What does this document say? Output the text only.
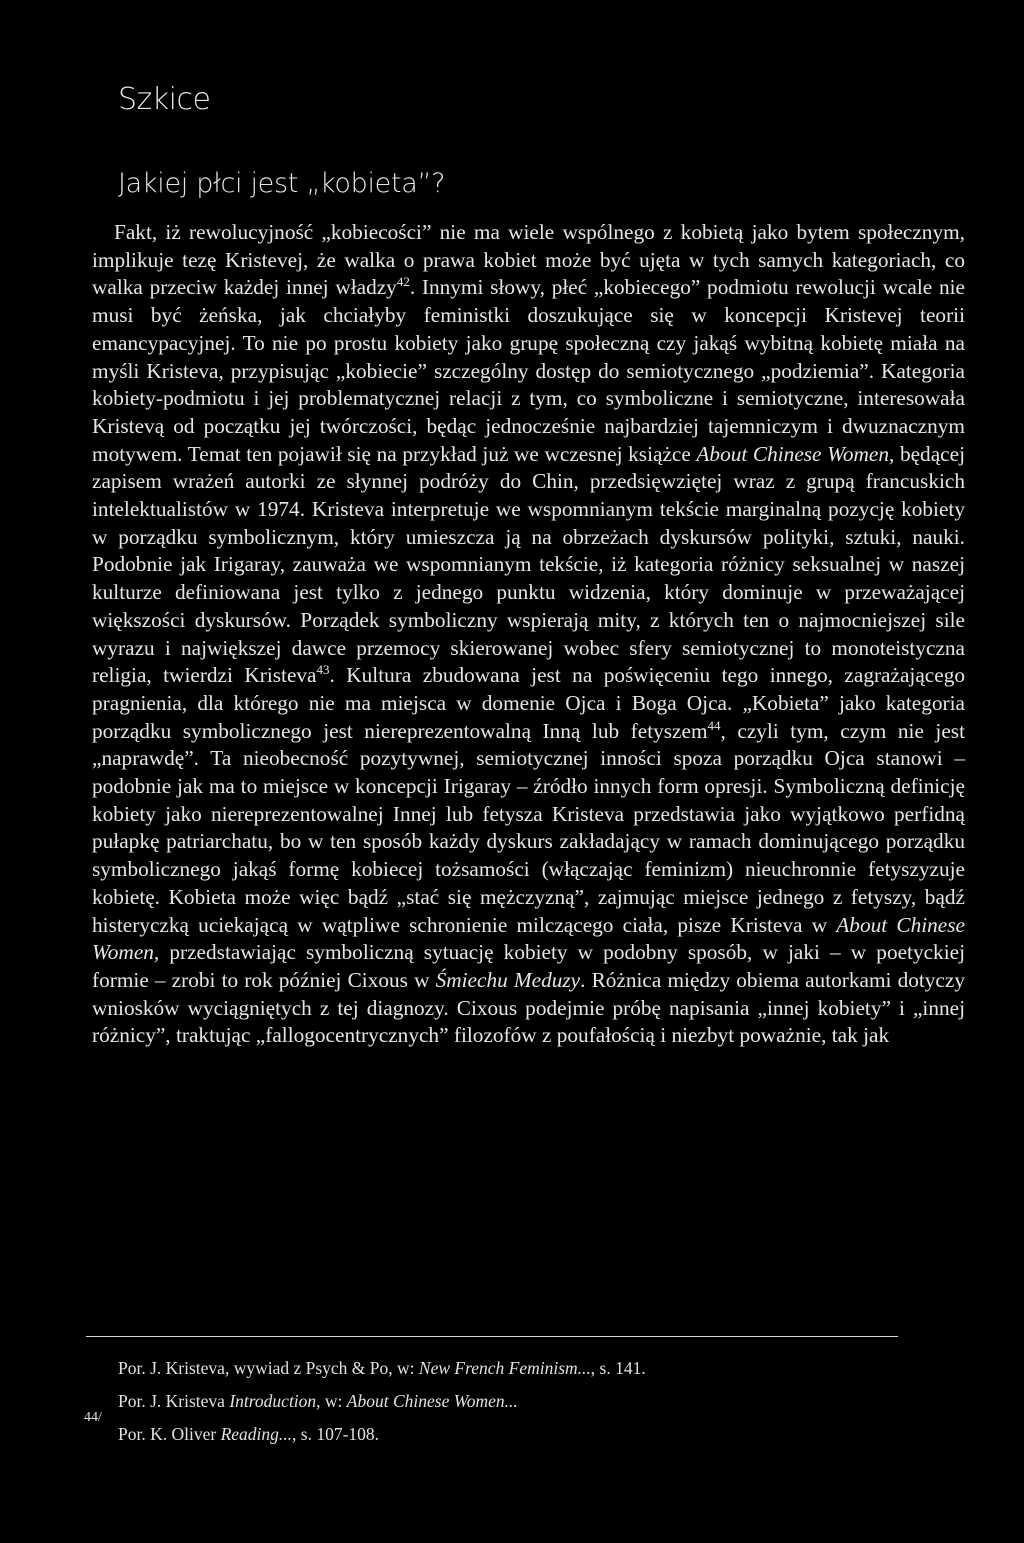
Szkice
Jakiej płci jest „kobieta”?
Fakt, iż rewolucyjność „kobiecości” nie ma wiele wspólnego z kobietą jako bytem społecznym, implikuje tezę Kristevej, że walka o prawa kobiet może być ujęta w tych samych kategoriach, co walka przeciw każdej innej władzy$^{42}$. Innymi słowy, płeć „kobiecego” podmiotu rewolucji wcale nie musi być żeńska, jak chciałyby feministki doszukujące się w koncepcji Kristevej teorii emancypacyjnej. To nie po prostu kobiety jako grupę społeczną czy jakąś wybitną kobietę miała na myśli Kristeva, przypisując „kobiecie” szczególny dostęp do semiotycznego „podziemia”. Kategoria kobiety-podmiotu i jej problematycznej relacji z tym, co symboliczne i semiotyczne, interesowała Kristevą od początku jej twórczości, będąc jednocześnie najbardziej tajemniczym i dwuznacznym motywem. Temat ten pojawił się na przykład już we wczesnej książce About Chinese Women, będącej zapisem wrażeń autorki ze słynnej podróży do Chin, przedsięwziętej wraz z grupą francuskich intelektualistów w 1974. Kristeva interpretuje we wspomnianym tekście marginalną pozycję kobiety w porządku symbolicznym, który umieszcza ją na obrzeżach dyskursów polityki, sztuki, nauki. Podobnie jak Irigaray, zauważa we wspomnianym tekście, iż kategoria różnicy seksualnej w naszej kulturze definiowana jest tylko z jednego punktu widzenia, który dominuje w przeważającej większości dyskursów. Porządek symboliczny wspierają mity, z których ten o najmocniejszej sile wyrazu i największej dawce przemocy skierowanej wobec sfery semiotycznej to monoteistyczna religia, twierdzi Kristeva$^{43}$. Kultura zbudowana jest na poświęceniu tego innego, zagrażającego pragnienia, dla którego nie ma miejsca w domenie Ojca i Boga Ojca. „Kobieta” jako kategoria porządku symbolicznego jest niereprezentowalną Inną lub fetyszem$^{44}$, czyli tym, czym nie jest „naprawdę”. Ta nieobecność pozytywnej, semiotycznej inności spoza porządku Ojca stanowi – podobnie jak ma to miejsce w koncepcji Irigaray – źródło innych form opresji. Symboliczną definicję kobiety jako niereprezentowalnej Innej lub fetysza Kristeva przedstawia jako wyjątkowo perfidną pułapkę patriarchatu, bo w ten sposób każdy dyskurs zakładający w ramach dominującego porządku symbolicznego jakąś formę kobiecej tożsamości (włączając feminizm) nieuchronnie fetyszyzuje kobietę. Kobieta może więc bądź „stać się mężczyzną”, zajmując miejsce jednego z fetyszy, bądź histeryczką uciekającą w wątpliwe schronienie milczącego ciała, pisze Kristeva w About Chinese Women, przedstawiając symboliczną sytuację kobiety w podobny sposób, w jaki – w poetyckiej formie – zrobi to rok później Cixous w Śmiechu Meduzy. Różnica między obiema autorkami dotyczy wniosków wyciągniętych z tej diagnozy. Cixous podejmie próbę napisania „innej kobiety” i „innej różnicy”, traktując „fallogocentrycznych” filozofów z poufałością i niezbyt poważnie, tak jak
Por. J. Kristeva, wywiad z Psych & Po, w: New French Feminism..., s. 141.
Por. J. Kristeva Introduction, w: About Chinese Women...
44/
Por. K. Oliver Reading..., s. 107-108.
